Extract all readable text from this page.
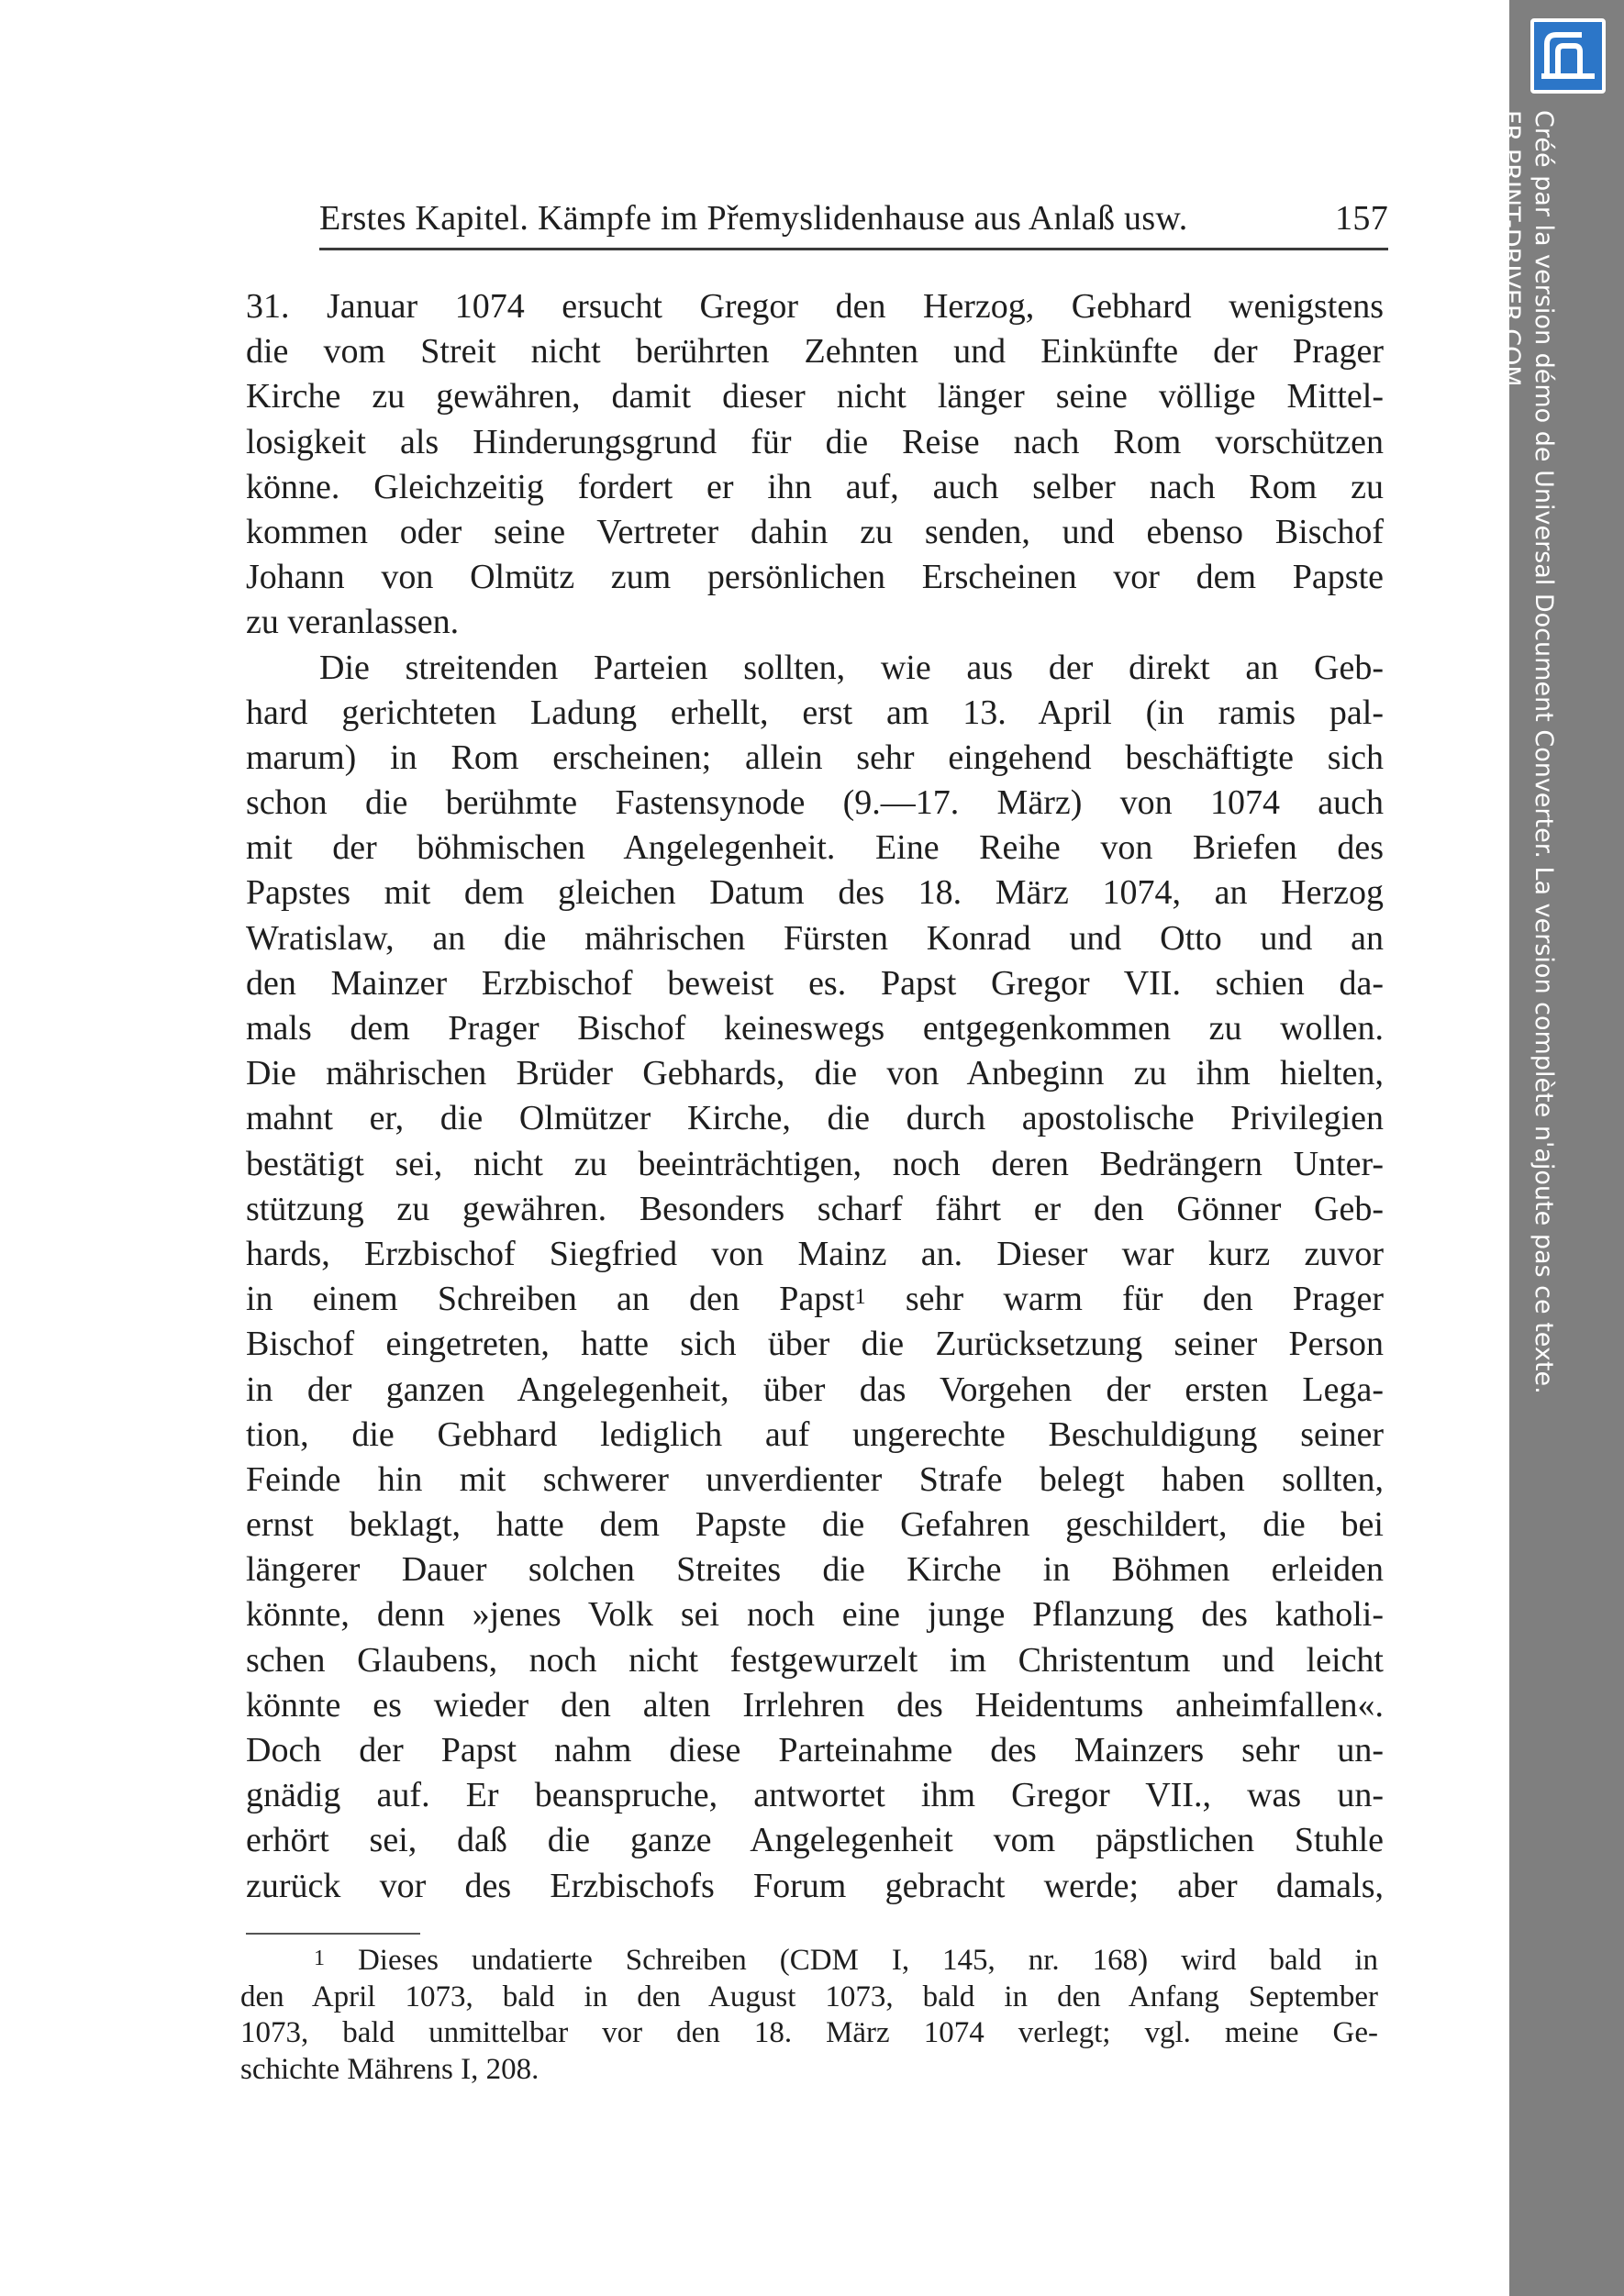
Erstes Kapitel. Kämpfe im Přemyslidenhause aus Anlaß usw.	157
31. Januar 1074 ersucht Gregor den Herzog, Gebhard wenigstens
die vom Streit nicht berührten Zehnten und Einkünfte der Prager
Kirche zu gewähren, damit dieser nicht länger seine völlige Mittel-
losigkeit als Hinderungsgrund für die Reise nach Rom vorschützen
könne. Gleichzeitig fordert er ihn auf, auch selber nach Rom zu
kommen oder seine Vertreter dahin zu senden, und ebenso Bischof
Johann von Olmütz zum persönlichen Erscheinen vor dem Papste
zu veranlassen.
Die streitenden Parteien sollten, wie aus der direkt an Geb-
hard gerichteten Ladung erhellt, erst am 13. April (in ramis pal-
marum) in Rom erscheinen; allein sehr eingehend beschäftigte sich
schon die berühmte Fastensynode (9.—17. März) von 1074 auch
mit der böhmischen Angelegenheit. Eine Reihe von Briefen des
Papstes mit dem gleichen Datum des 18. März 1074, an Herzog
Wratislaw, an die mährischen Fürsten Konrad und Otto und an
den Mainzer Erzbischof beweist es. Papst Gregor VII. schien da-
mals dem Prager Bischof keineswegs entgegenkommen zu wollen.
Die mährischen Brüder Gebhards, die von Anbeginn zu ihm hielten,
mahnt er, die Olmützer Kirche, die durch apostolische Privilegien
bestätigt sei, nicht zu beeinträchtigen, noch deren Bedrängern Unter-
stützung zu gewähren. Besonders scharf fährt er den Gönner Geb-
hards, Erzbischof Siegfried von Mainz an. Dieser war kurz zuvor
in einem Schreiben an den Papst$^1$ sehr warm für den Prager
Bischof eingetreten, hatte sich über die Zurücksetzung seiner Person
in der ganzen Angelegenheit, über das Vorgehen der ersten Lega-
tion, die Gebhard lediglich auf ungerechte Beschuldigung seiner
Feinde hin mit schwerer unverdienter Strafe belegt haben sollten,
ernst beklagt, hatte dem Papste die Gefahren geschildert, die bei
längerer Dauer solchen Streites die Kirche in Böhmen erleiden
könnte, denn »jenes Volk sei noch eine junge Pflanzung des katholi-
schen Glaubens, noch nicht festgewurzelt im Christentum und leicht
könnte es wieder den alten Irrlehren des Heidentums anheimfallen«.
Doch der Papst nahm diese Parteinahme des Mainzers sehr un-
gnädig auf. Er beanspruche, antwortet ihm Gregor VII., was un-
erhört sei, daß die ganze Angelegenheit vom päpstlichen Stuhle
zurück vor des Erzbischofs Forum gebracht werde; aber damals,
$^1$ Dieses undatierte Schreiben (CDM I, 145, nr. 168) wird bald in
den April 1073, bald in den August 1073, bald in den Anfang September
1073, bald unmittelbar vor den 18. März 1074 verlegt; vgl. meine Ge-
schichte Mährens I, 208.
Créé par la version démo de Universal Document Converter. La version complète n'ajoute pas ce texte.
FR.PRINT-DRIVER.COM
